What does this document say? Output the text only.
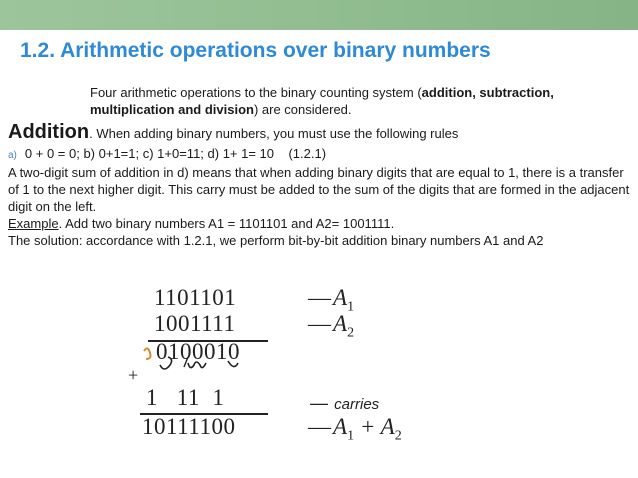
1.2. Arithmetic operations over binary numbers

Four arithmetic operations to the binary counting system (addition, subtraction, multiplication and division) are considered.

Addition. When adding binary numbers, you must use the following rules

a) 0 + 0 = 0; b) 0+1=1; c) 1+0=11; d) 1+ 1= 10    (1.2.1)

A two-digit sum of addition in d) means that when adding binary digits that are equal to 1, there is a transfer of 1 to the next higher digit. This carry must be added to the sum of the digits that are formed in the adjacent digit on the left.

Example. Add two binary numbers A1 = 1101101 and A2= 1001111.

The solution: accordance with 1.2.1, we perform bit-by-bit addition binary numbers A1 and A2

1101101
1001111
0100010
+
1   11  1
10111100
$—A_1$
$—A_2$
— carries
$—A_1 + A_2$
